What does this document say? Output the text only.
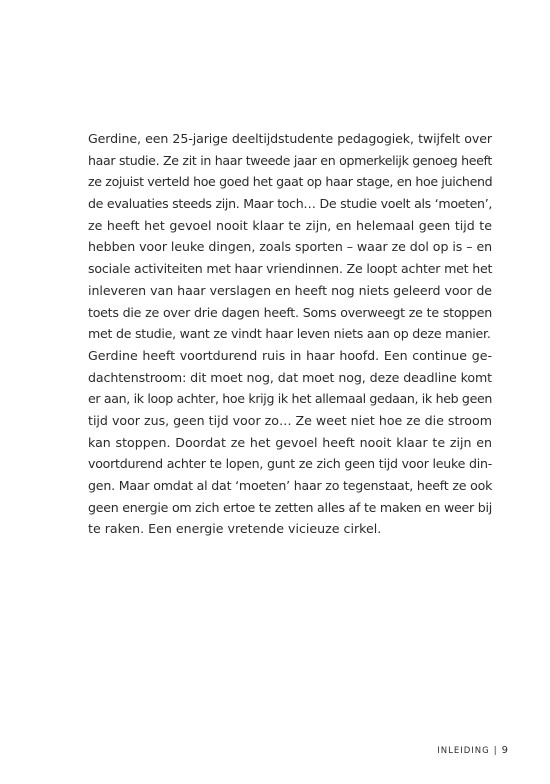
Gerdine, een 25-jarige deeltijdstudente pedagogiek, twijfelt over
haar studie. Ze zit in haar tweede jaar en opmerkelijk genoeg heeft
ze zojuist verteld hoe goed het gaat op haar stage, en hoe juichend
de evaluaties steeds zijn. Maar toch… De studie voelt als ‘moeten’,
ze heeft het gevoel nooit klaar te zijn, en helemaal geen tijd te
hebben voor leuke dingen, zoals sporten – waar ze dol op is – en
sociale activiteiten met haar vriendinnen. Ze loopt achter met het
inleveren van haar verslagen en heeft nog niets geleerd voor de
toets die ze over drie dagen heeft. Soms overweegt ze te stoppen
met de studie, want ze vindt haar leven niets aan op deze manier.
Gerdine heeft voortdurend ruis in haar hoofd. Een continue ge-
dachtenstroom: dit moet nog, dat moet nog, deze deadline komt
er aan, ik loop achter, hoe krijg ik het allemaal gedaan, ik heb geen
tijd voor zus, geen tijd voor zo… Ze weet niet hoe ze die stroom
kan stoppen. Doordat ze het gevoel heeft nooit klaar te zijn en
voortdurend achter te lopen, gunt ze zich geen tijd voor leuke din-
gen. Maar omdat al dat ‘moeten’ haar zo tegenstaat, heeft ze ook
geen energie om zich ertoe te zetten alles af te maken en weer bij
te raken. Een energie vretende vicieuze cirkel.
INLEIDING | 9
